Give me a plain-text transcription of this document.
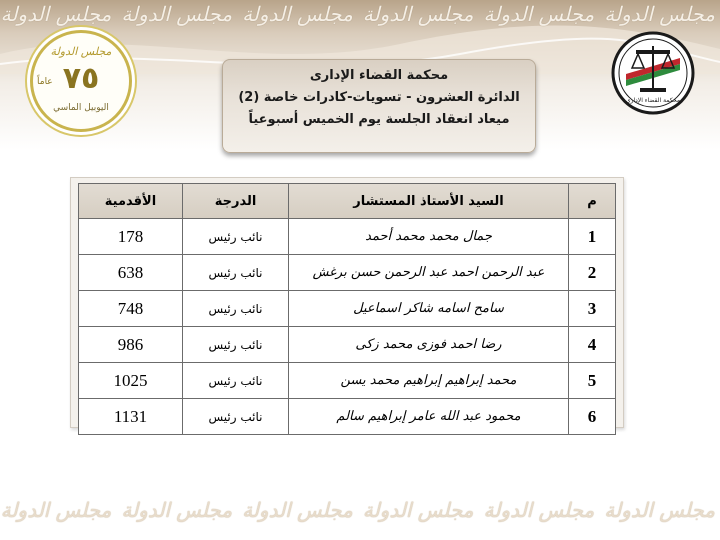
مجلس الدولةمجلس الدولةمجلس الدولةمجلس الدولةمجلس الدولةمجلس الدولة
مجلس الدولةمجلس الدولةمجلس الدولةمجلس الدولةمجلس الدولةمجلس الدولة
مجلس الدولة
٧٥
عاماً
اليوبيل الماسي
محكمة القضاء الإدارى
محكمة القضاء الإدارى
الدائرة العشرون - تسويات-كادرات خاصة (2)
ميعاد انعقاد الجلسة يوم الخميس أسبوعياً
م	السيد الأستاذ المستشار	الدرجة	الأقدمية
1	جمال محمد محمد أحمد	نائب رئيس	178
2	عبد الرحمن احمد عبد الرحمن حسن برغش	نائب رئيس	638
3	سامح اسامه شاكر اسماعيل	نائب رئيس	748
4	رضا احمد فوزى محمد زكى	نائب رئيس	986
5	محمد إبراهيم إبراهيم محمد يسن	نائب رئيس	1025
6	محمود عبد الله عامر إبراهيم سالم	نائب رئيس	1131
